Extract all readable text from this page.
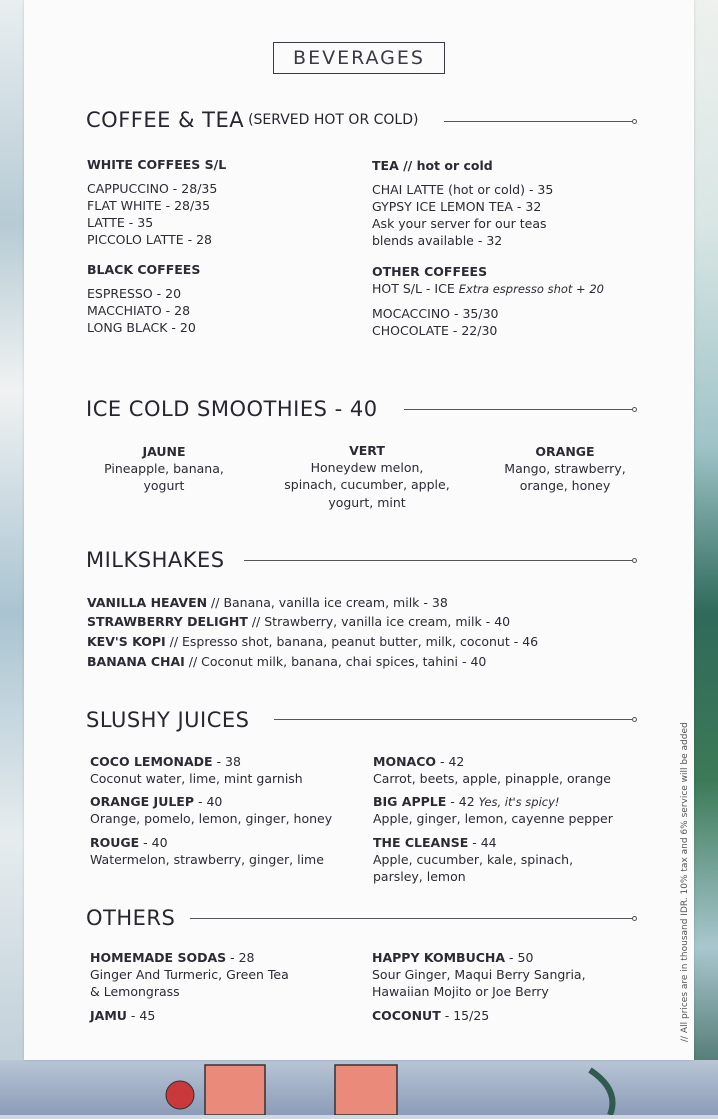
BEVERAGES
COFFEE & TEA (SERVED HOT OR COLD)
WHITE COFFEES S/L
CAPPUCCINO - 28/35
FLAT WHITE - 28/35
LATTE - 35
PICCOLO LATTE - 28
BLACK COFFEES
ESPRESSO - 20
MACCHIATO - 28
LONG BLACK - 20
TEA // hot or cold
CHAI LATTE (hot or cold) - 35
GYPSY ICE LEMON TEA - 32
Ask your server for our teas
blends available - 32
OTHER COFFEES
HOT S/L - ICE Extra espresso shot + 20
MOCACCINO - 35/30
CHOCOLATE - 22/30
ICE COLD SMOOTHIES - 40
JAUNE
Pineapple, banana,
yogurt
VERT
Honeydew melon,
spinach, cucumber, apple,
yogurt, mint
ORANGE
Mango, strawberry,
orange, honey
MILKSHAKES
VANILLA HEAVEN // Banana, vanilla ice cream, milk - 38
STRAWBERRY DELIGHT // Strawberry, vanilla ice cream, milk - 40
KEV'S KOPI // Espresso shot, banana, peanut butter, milk, coconut - 46
BANANA CHAI // Coconut milk, banana, chai spices, tahini - 40
SLUSHY JUICES
COCO LEMONADE - 38
Coconut water, lime, mint garnish
ORANGE JULEP - 40
Orange, pomelo, lemon, ginger, honey
ROUGE - 40
Watermelon, strawberry, ginger, lime
MONACO - 42
Carrot, beets, apple, pinapple, orange
BIG APPLE - 42 Yes, it's spicy!
Apple, ginger, lemon, cayenne pepper
THE CLEANSE - 44
Apple, cucumber, kale, spinach,
parsley, lemon
OTHERS
HOMEMADE SODAS - 28
Ginger And Turmeric, Green Tea
& Lemongrass
JAMU - 45
HAPPY KOMBUCHA - 50
Sour Ginger, Maqui Berry Sangria,
Hawaiian Mojito or Joe Berry
COCONUT - 15/25	// All prices are in thousand IDR. 10% tax and 6% service will be added
